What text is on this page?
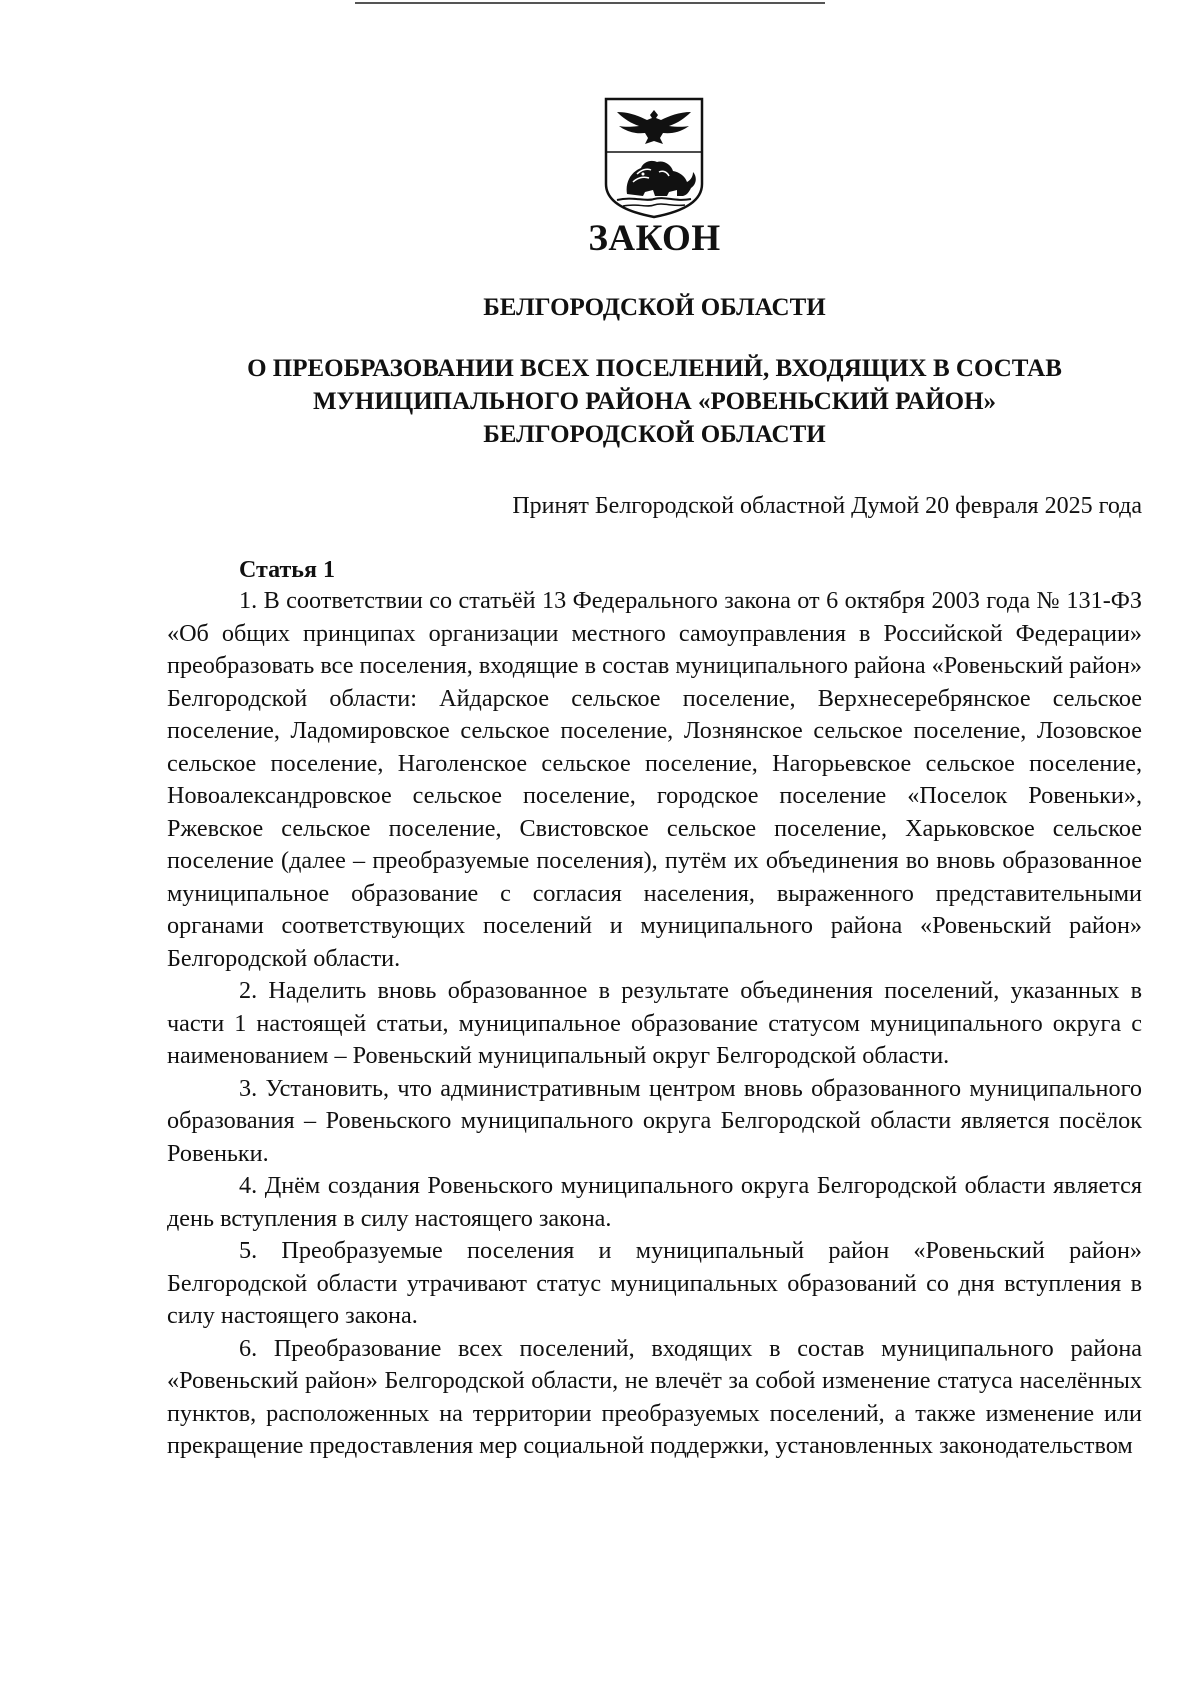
ЗАКОН
БЕЛГОРОДСКОЙ ОБЛАСТИ
О ПРЕОБРАЗОВАНИИ ВСЕХ ПОСЕЛЕНИЙ, ВХОДЯЩИХ В СОСТАВ
МУНИЦИПАЛЬНОГО РАЙОНА «РОВЕНЬСКИЙ РАЙОН»
БЕЛГОРОДСКОЙ ОБЛАСТИ
Принят Белгородской областной Думой 20 февраля 2025 года
Статья 1

1. В соответствии со статьёй 13 Федерального закона от 6 октября 2003 года № 131-ФЗ «Об общих принципах организации местного самоуправления в Российской Федерации» преобразовать все поселения, входящие в состав муниципального района «Ровеньский район» Белгородской области: Айдарское сельское поселение, Верхнесеребрянское сельское поселение, Ладомировское сельское поселение, Лознянское сельское поселение, Лозовское сельское поселение, Наголенское сельское поселение, Нагорьевское сельское поселение, Новоалександровское сельское поселение, городское поселение «Поселок Ровеньки», Ржевское сельское поселение, Свистовское сельское поселение, Харьковское сельское поселение (далее – преобразуемые поселения), путём их объединения во вновь образованное муниципальное образование с согласия населения, выраженного представительными органами соответствующих поселений и муниципального района «Ровеньский район» Белгородской области.

2. Наделить вновь образованное в результате объединения поселений, указанных в части 1 настоящей статьи, муниципальное образование статусом муниципального округа с наименованием – Ровеньский муниципальный округ Белгородской области.

3. Установить, что административным центром вновь образованного муниципального образования – Ровеньского муниципального округа Белгородской области является посёлок Ровеньки.

4. Днём создания Ровеньского муниципального округа Белгородской области является день вступления в силу настоящего закона.

5. Преобразуемые поселения и муниципальный район «Ровеньский район» Белгородской области утрачивают статус муниципальных образований со дня вступления в силу настоящего закона.

6. Преобразование всех поселений, входящих в состав муниципального района «Ровеньский район» Белгородской области, не влечёт за собой изменение статуса населённых пунктов, расположенных на территории преобразуемых поселений, а также изменение или прекращение предоставления мер социальной поддержки, установленных законодательством
